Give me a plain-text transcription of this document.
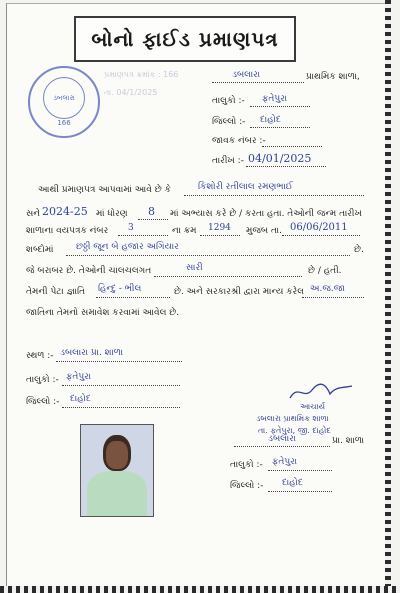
બોનો ફાઈડ પ્રમાણપત્ર
ડબલારા
166
પ્રમાણપત્ર ક્રમાંક : 166
તા. 04/1/2025
ડબલારા	પ્રાથમિક શાળા,
તાલુકો :- ફતેપુરા
જિલ્લો :- દાહોદ
જાવક નંબર :-
તારીખ :- 04/01/2025
આથી પ્રમાણપત્ર આપવામાં આવે છે કે	કિશોરી રતીલાલ રમણભાઈ
સને 2024-25 માં ધોરણ 8 માં અભ્યાસ કરે છે / કરતા હતા. તેઓની જન્મ તારીખ
શાળાના વયપત્રક નંબર 3	ના ક્રમ 1294 મુજબ તા. 06/06/2011
શબ્દોમાં	છઠ્ઠી જૂન બે હજાર અગિયાર	છે.
જે બરાબર છે. તેઓની ચાલચલગત	સારી	છે / હતી.
તેમની પેટા જ્ઞાતિ હિન્દુ - ભીલ	છે. અને સરકારશ્રી દ્વારા માન્ય કરેલ અ.જ.જા
જાતિના તેમનો સમાવેશ કરવામાં આવેલ છે.
સ્થળ :- ડબલારા પ્રા. શાળા
તાલુકો :- ફતેપુરા
જિલ્લો :- દાહોદ
આચાર્ય
ડબલારા પ્રાથમિક શાળા
તા. ફતેપુરા, જી. દાહોદ
ડબલારા	પ્રા. શાળા
તાલુકો :- ફતેપુરા
જિલ્લો :- દાહોદ
